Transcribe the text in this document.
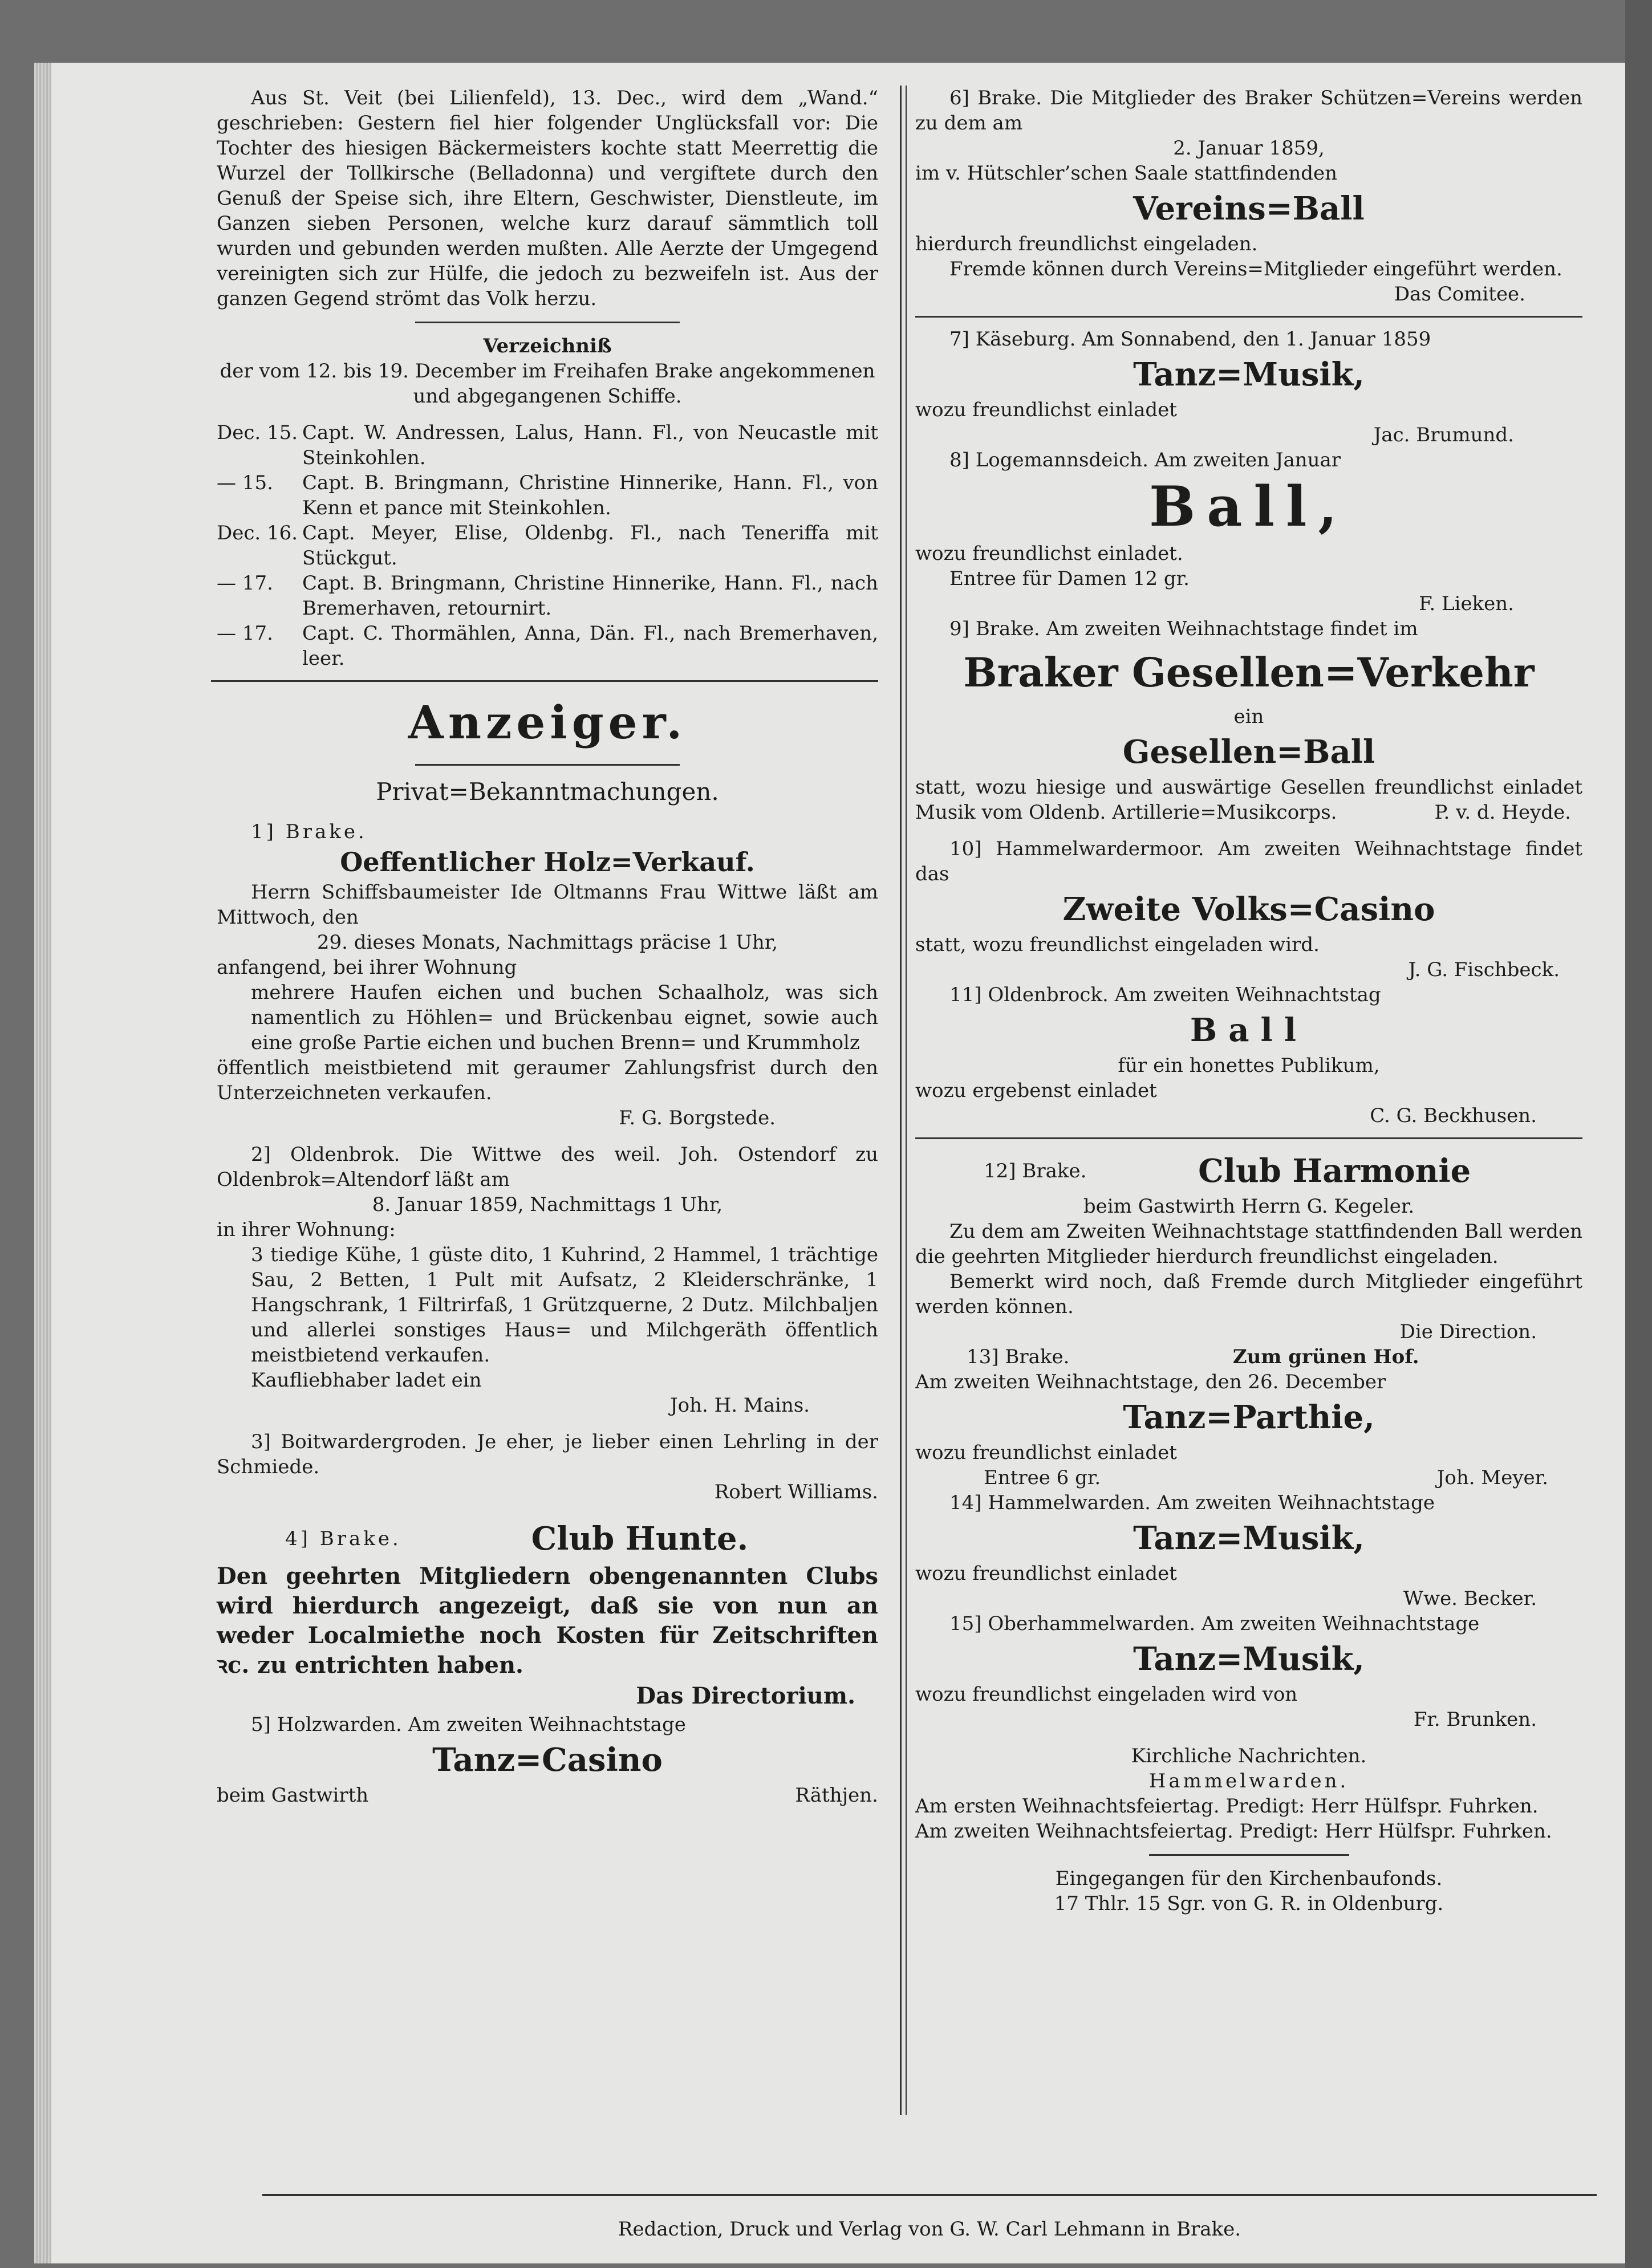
Aus St. Veit (bei Lilienfeld), 13. Dec., wird dem „Wand.“ geschrieben: Gestern fiel hier folgender Unglücksfall vor: Die Tochter des hiesigen Bäckermeisters kochte statt Meerrettig die Wurzel der Tollkirsche (Belladonna) und vergiftete durch den Genuß der Speise sich, ihre Eltern, Geschwister, Dienstleute, im Ganzen sieben Personen, welche kurz darauf sämmtlich toll wurden und gebunden werden mußten. Alle Aerzte der Umgegend vereinigten sich zur Hülfe, die jedoch zu bezweifeln ist. Aus der ganzen Gegend strömt das Volk herzu.

Verzeichniß

der vom 12. bis 19. December im Freihafen Brake angekommenen und abgegangenen Schiffe.

Dec. 15. Capt. W. Andressen, Lalus, Hann. Fl., von Neucastle mit Steinkohlen.
— 15.	Capt. B. Bringmann, Christine Hinnerike, Hann. Fl., von Kenn et pance mit Steinkohlen.
Dec. 16. Capt. Meyer, Elise, Oldenbg. Fl., nach Teneriffa mit Stückgut.
— 17.	Capt. B. Bringmann, Christine Hinnerike, Hann. Fl., nach Bremerhaven, retournirt.
— 17.	Capt. C. Thormählen, Anna, Dän. Fl., nach Bremerhaven, leer.

Anzeiger.

Privat=Bekanntmachungen.

1] Brake.

Oeffentlicher Holz=Verkauf.

Herrn Schiffsbaumeister Ide Oltmanns Frau Wittwe läßt am Mittwoch, den

29. dieses Monats, Nachmittags präcise 1 Uhr,

anfangend, bei ihrer Wohnung

mehrere Haufen eichen und buchen Schaalholz, was sich namentlich zu Höhlen= und Brückenbau eignet, sowie auch eine große Partie eichen und buchen Brenn= und Krummholz

öffentlich meistbietend mit geraumer Zahlungsfrist durch den Unterzeichneten verkaufen.

F. G. Borgstede.

2] Oldenbrok. Die Wittwe des weil. Joh. Ostendorf zu Oldenbrok=Altendorf läßt am

8. Januar 1859, Nachmittags 1 Uhr,

in ihrer Wohnung:

3 tiedige Kühe, 1 güste dito, 1 Kuhrind, 2 Hammel, 1 trächtige Sau, 2 Betten, 1 Pult mit Aufsatz, 2 Kleiderschränke, 1 Hangschrank, 1 Filtrirfaß, 1 Grützquerne, 2 Dutz. Milchbaljen und allerlei sonstiges Haus= und Milchgeräth öffentlich meistbietend verkaufen.

Kaufliebhaber ladet ein

Joh. H. Mains.

3] Boitwardergroden. Je eher, je lieber einen Lehrling in der Schmiede.

Robert Williams.

4] Brake.	Club Hunte.

Den geehrten Mitgliedern obengenannten Clubs wird hierdurch angezeigt, daß sie von nun an weder Localmiethe noch Kosten für Zeitschriften ꝛc. zu entrichten haben.

Das Directorium.

5] Holzwarden. Am zweiten Weihnachtstage

Tanz=Casino

beim Gastwirth	Räthjen.

6] Brake. Die Mitglieder des Braker Schützen=Vereins werden zu dem am

2. Januar 1859,

im v. Hütschler’schen Saale stattfindenden

Vereins=Ball

hierdurch freundlichst eingeladen.

Fremde können durch Vereins=Mitglieder eingeführt werden.

Das Comitee.

7] Käseburg. Am Sonnabend, den 1. Januar 1859

Tanz=Musik,

wozu freundlichst einladet

Jac. Brumund.

8] Logemannsdeich. Am zweiten Januar

Ball,

wozu freundlichst einladet.

Entree für Damen 12 gr.

F. Lieken.

9] Brake. Am zweiten Weihnachtstage findet im

Braker Gesellen=Verkehr

ein

Gesellen=Ball

statt, wozu hiesige und auswärtige Gesellen freundlichst einladet Musik vom Oldenb. Artillerie=Musikcorps.	P. v. d. Heyde.

10] Hammelwardermoor. Am zweiten Weihnachtstage findet das

Zweite Volks=Casino

statt, wozu freundlichst eingeladen wird.

J. G. Fischbeck.

11] Oldenbrock. Am zweiten Weihnachtstag

Ball

für ein honettes Publikum,

wozu ergebenst einladet

C. G. Beckhusen.

12] Brake.	Club Harmonie

beim Gastwirth Herrn G. Kegeler.

Zu dem am Zweiten Weihnachtstage stattfindenden Ball werden die geehrten Mitglieder hierdurch freundlichst eingeladen.

Bemerkt wird noch, daß Fremde durch Mitglieder eingeführt werden können.

Die Direction.

13] Brake.	Zum grünen Hof.

Am zweiten Weihnachtstage, den 26. December

Tanz=Parthie,

wozu freundlichst einladet

Entree 6 gr.	Joh. Meyer.

14] Hammelwarden. Am zweiten Weihnachtstage

Tanz=Musik,

wozu freundlichst einladet

Wwe. Becker.

15] Oberhammelwarden. Am zweiten Weihnachtstage

Tanz=Musik,

wozu freundlichst eingeladen wird von

Fr. Brunken.

Kirchliche Nachrichten.

Hammelwarden.

Am ersten Weihnachtsfeiertag. Predigt: Herr Hülfspr. Fuhrken.

Am zweiten Weihnachtsfeiertag. Predigt: Herr Hülfspr. Fuhrken.

Eingegangen für den Kirchenbaufonds.

17 Thlr. 15 Sgr. von G. R. in Oldenburg.

Redaction, Druck und Verlag von G. W. Carl Lehmann in Brake.
